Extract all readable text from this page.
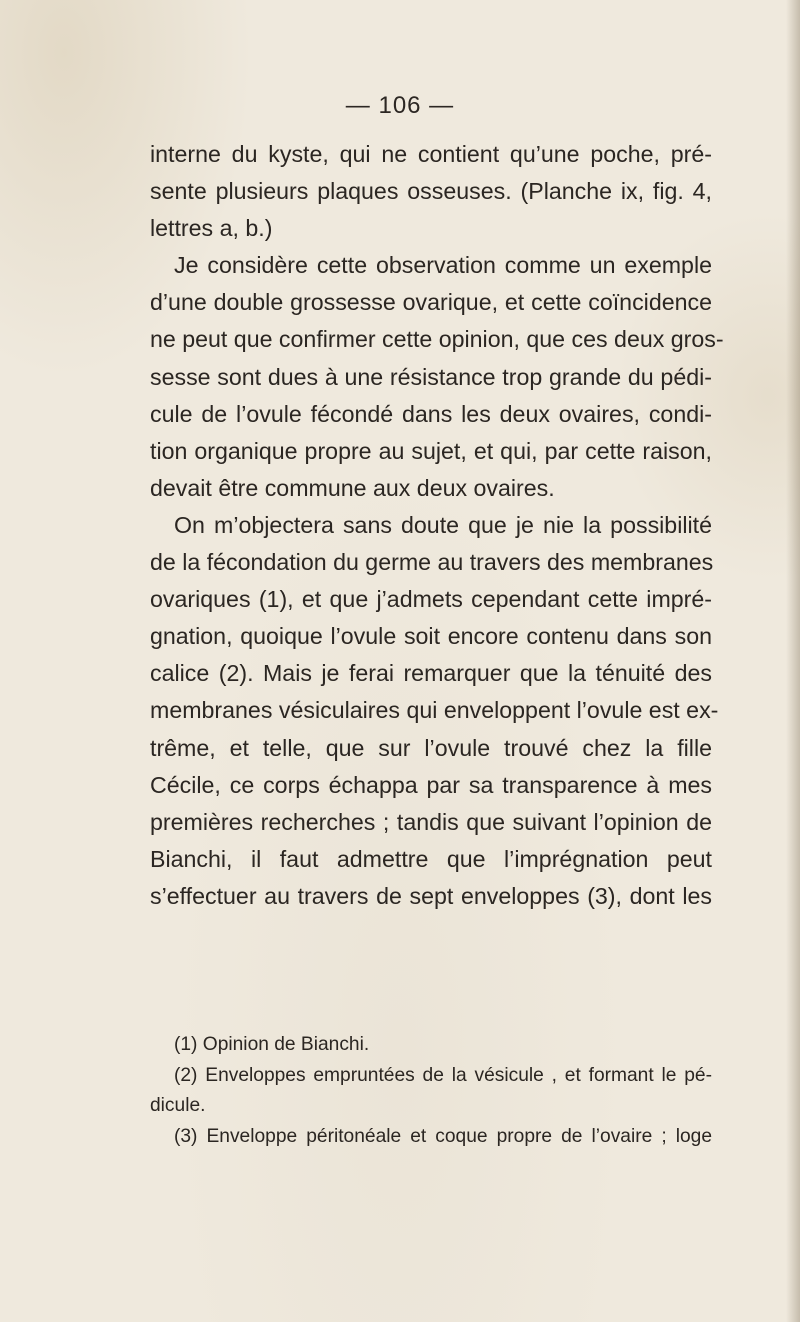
— 106 —
interne du kyste, qui ne contient qu’une poche, pré-
sente plusieurs plaques osseuses. (Planche ix, fig. 4,
lettres a, b.)
Je considère cette observation comme un exemple
d’une double grossesse ovarique, et cette coïncidence
ne peut que confirmer cette opinion, que ces deux gros-
sesse sont dues à une résistance trop grande du pédi-
cule de l’ovule fécondé dans les deux ovaires, condi-
tion organique propre au sujet, et qui, par cette raison,
devait être commune aux deux ovaires.
On m’objectera sans doute que je nie la possibilité
de la fécondation du germe au travers des membranes
ovariques (1), et que j’admets cependant cette impré-
gnation, quoique l’ovule soit encore contenu dans son
calice (2). Mais je ferai remarquer que la ténuité des
membranes vésiculaires qui enveloppent l’ovule est ex-
trême, et telle, que sur l’ovule trouvé chez la fille
Cécile, ce corps échappa par sa transparence à mes
premières recherches ; tandis que suivant l’opinion de
Bianchi, il faut admettre que l’imprégnation peut
s’effectuer au travers de sept enveloppes (3), dont les
(1) Opinion de Bianchi.
(2) Enveloppes empruntées de la vésicule , et formant le pé-
dicule.
(3) Enveloppe péritonéale et coque propre de l’ovaire ; loge
